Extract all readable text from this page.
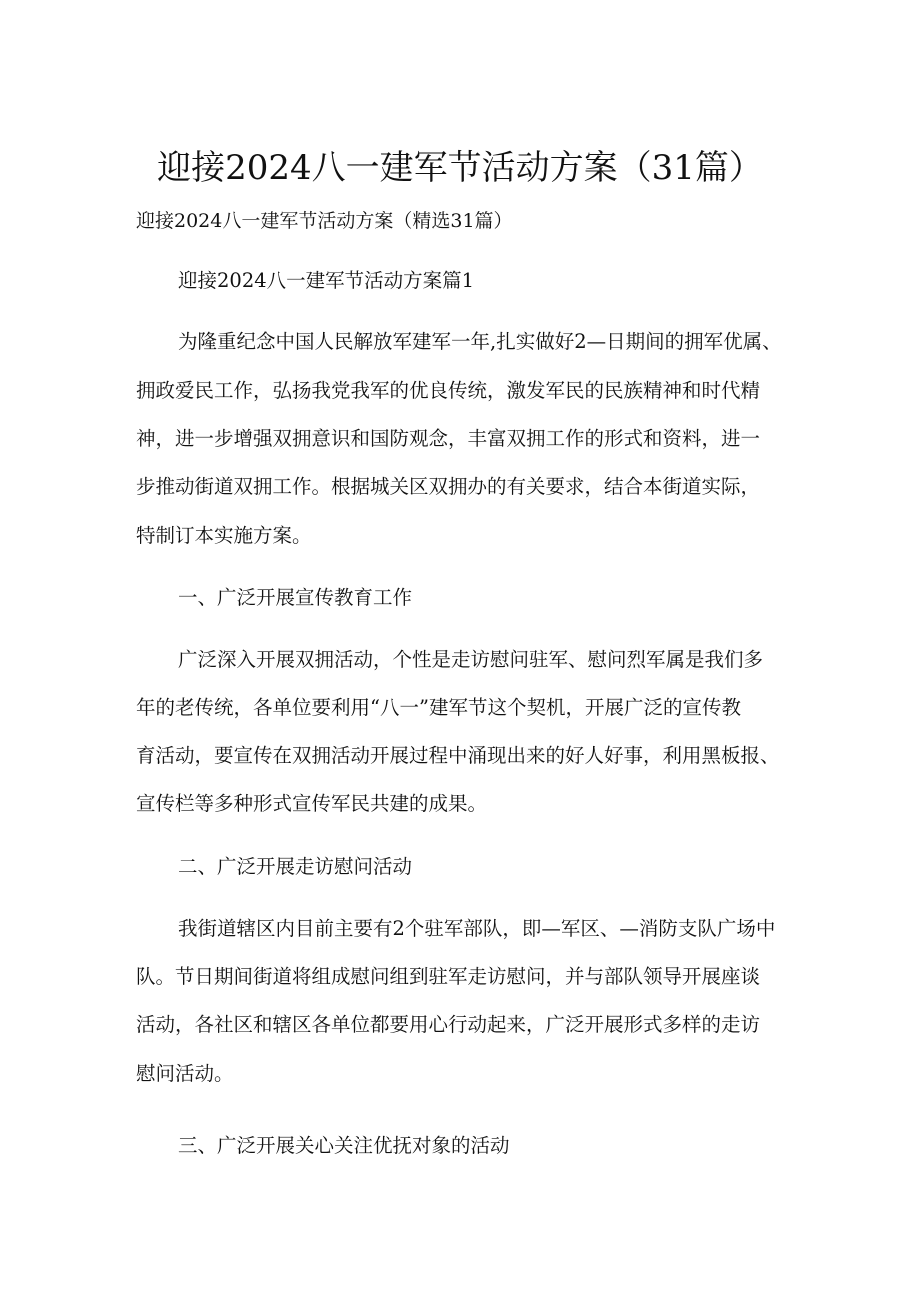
迎接2024八一建军节活动方案（31篇）
迎接2024八一建军节活动方案（精选31篇）
迎接2024八一建军节活动方案篇1
为隆重纪念中国人民解放军建军一年,扎实做好2—日期间的拥军优属、
拥政爱民工作，弘扬我党我军的优良传统，激发军民的民族精神和时代精
神，进一步增强双拥意识和国防观念，丰富双拥工作的形式和资料，进一
步推动街道双拥工作。根据城关区双拥办的有关要求，结合本街道实际，
特制订本实施方案。
一、广泛开展宣传教育工作
广泛深入开展双拥活动，个性是走访慰问驻军、慰问烈军属是我们多
年的老传统，各单位要利用“八一”建军节这个契机，开展广泛的宣传教
育活动，要宣传在双拥活动开展过程中涌现出来的好人好事，利用黑板报、
宣传栏等多种形式宣传军民共建的成果。
二、广泛开展走访慰问活动
我街道辖区内目前主要有2个驻军部队，即—军区、—消防支队广场中
队。节日期间街道将组成慰问组到驻军走访慰问，并与部队领导开展座谈
活动，各社区和辖区各单位都要用心行动起来，广泛开展形式多样的走访
慰问活动。
三、广泛开展关心关注优抚对象的活动
